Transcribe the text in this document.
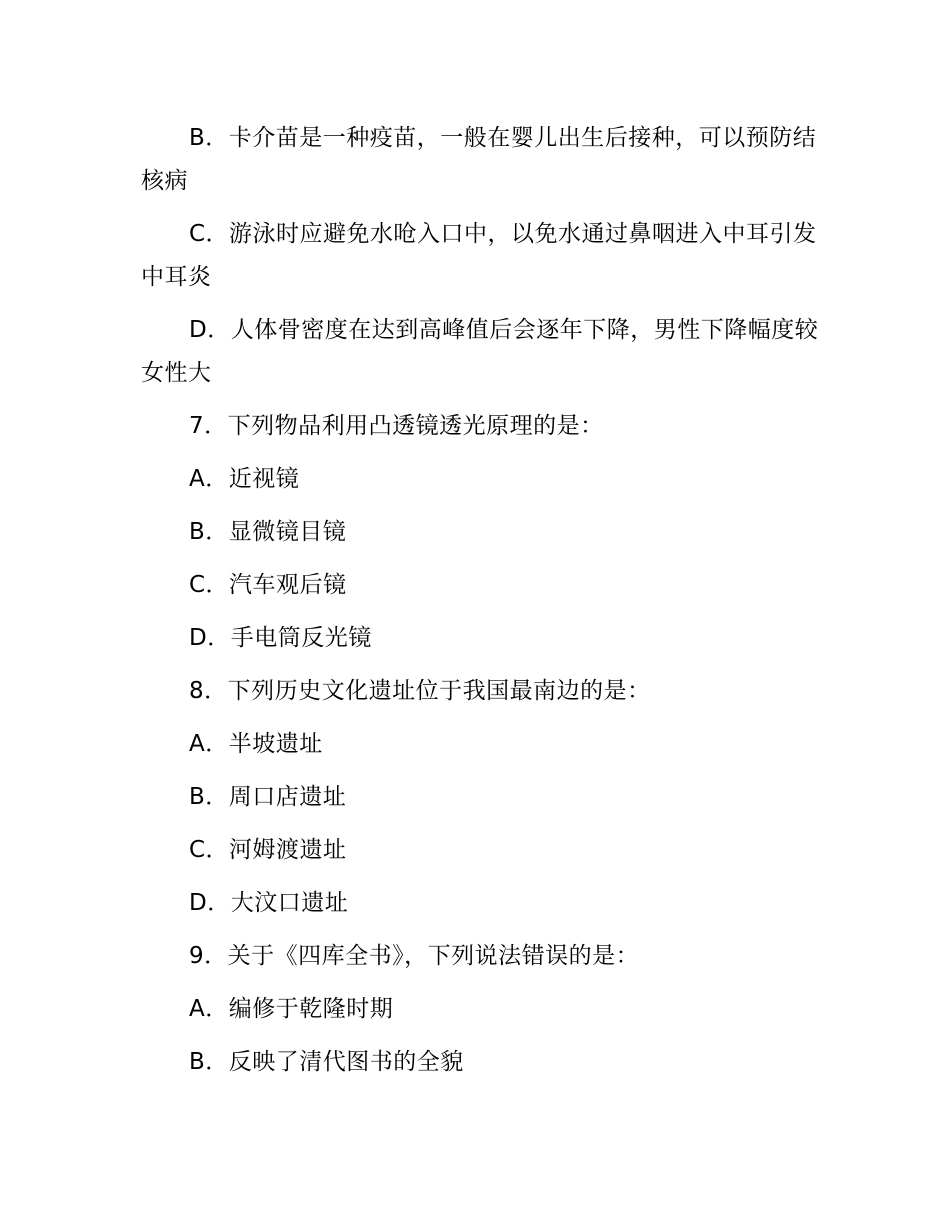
B．卡介苗是一种疫苗，一般在婴儿出生后接种，可以预防结核病

C．游泳时应避免水呛入口中，以免水通过鼻咽进入中耳引发中耳炎

D．人体骨密度在达到高峰值后会逐年下降，男性下降幅度较女性大

7．下列物品利用凸透镜透光原理的是：

A．近视镜

B．显微镜目镜

C．汽车观后镜

D．手电筒反光镜

8．下列历史文化遗址位于我国最南边的是：

A．半坡遗址

B．周口店遗址

C．河姆渡遗址

D．大汶口遗址

9．关于《四库全书》，下列说法错误的是：

A．编修于乾隆时期

B．反映了清代图书的全貌
